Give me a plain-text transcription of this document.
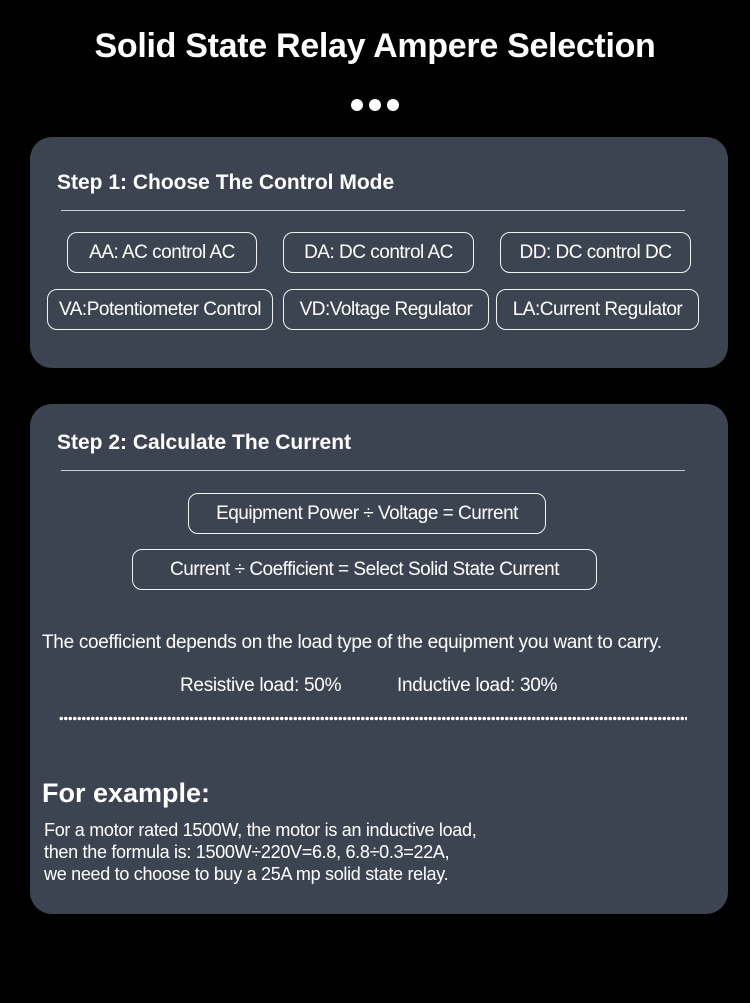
Solid State Relay Ampere Selection
Step 1: Choose The Control Mode
AA: AC control AC	DA: DC control AC	DD: DC control DC
VA:Potentiometer Control	VD:Voltage Regulator	LA:Current Regulator
Step 2: Calculate The Current
Equipment Power ÷ Voltage = Current
Current ÷ Coefficient = Select Solid State Current
The coefficient depends on the load type of the equipment you want to carry.
Resistive load: 50%	Inductive load: 30%
For example:
For a motor rated 1500W, the motor is an inductive load,
then the formula is: 1500W÷220V=6.8, 6.8÷0.3=22A,
we need to choose to buy a 25A mp solid state relay.
